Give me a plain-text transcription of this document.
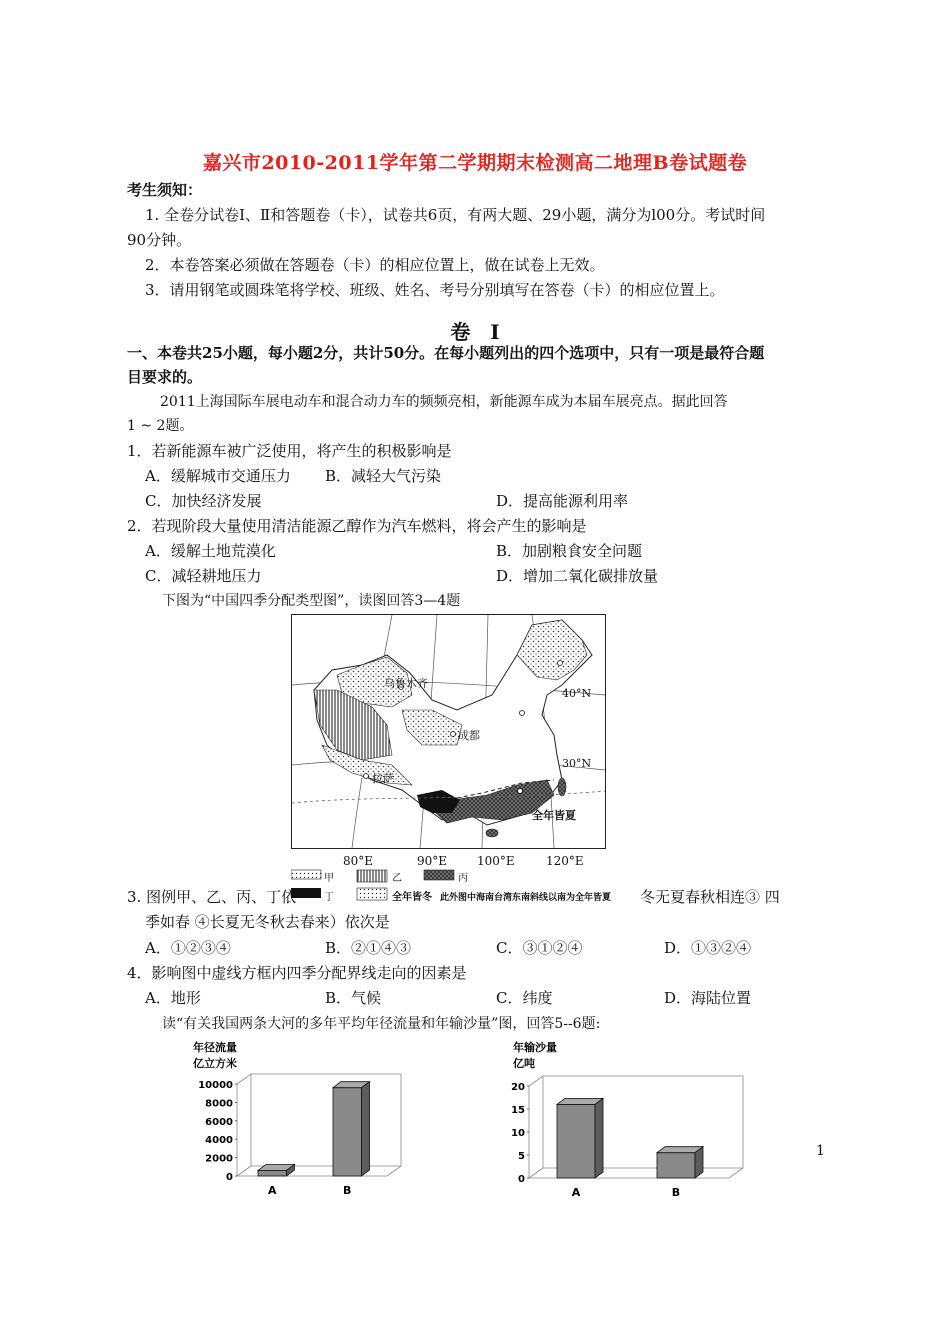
嘉兴市2010-2011学年第二学期期末检测高二地理B卷试题卷
考生须知：
1. 全卷分试卷Ⅰ、Ⅱ和答题卷（卡），试卷共6页，有两大题、29小题，满分为l00分。考试时间
90分钟。
2．本卷答案必须做在答题卷（卡）的相应位置上，做在试卷上无效。
3．请用钢笔或圆珠笔将学校、班级、姓名、考号分别填写在答卷（卡）的相应位置上。
卷　Ⅰ
一、本卷共25小题，每小题2分，共计50分。在每小题列出的四个选项中，只有一项是最符合题
目要求的。
2011上海国际车展电动车和混合动力车的频频亮相，新能源车成为本届车展亮点。据此回答
1 ~ 2题。
1．若新能源车被广泛使用，将产生的积极影响是
A．缓解城市交通压力 B．减轻大气污染
C．加快经济发展	D．提高能源利用率
2．若现阶段大量使用清洁能源乙醇作为汽车燃料，将会产生的影响是
A．缓解土地荒漠化	B．加剧粮食安全问题
C．减轻耕地压力	D．增加二氧化碳排放量
下图为“中国四季分配类型图”，读图回答3—4题
乌鲁木齐
成都
拉萨
40°N
30°N
全年皆夏
80°E	90°E 100°E	120°E
甲	乙	丙
丁	全年皆冬 此外图中海南台湾东南斜线以南为全年皆夏
3. 图例甲、乙、丙、丁依	冬无夏春秋相连③ 四
季如春 ④长夏无冬秋去春来）依次是
A．①②③④	B．②①④③	C．③①②④	D．①③②④
4．影响图中虚线方框内四季分配界线走向的因素是
A．地形	B．气候	C．纬度	D．海陆位置
读“有关我国两条大河的多年平均年径流量和年输沙量”图，回答5--6题:
年径流量
亿立方米
10000
8000
6000
4000
2000
0
A	B
年输沙量
亿吨
20
15
10
5
0
A	B
1
